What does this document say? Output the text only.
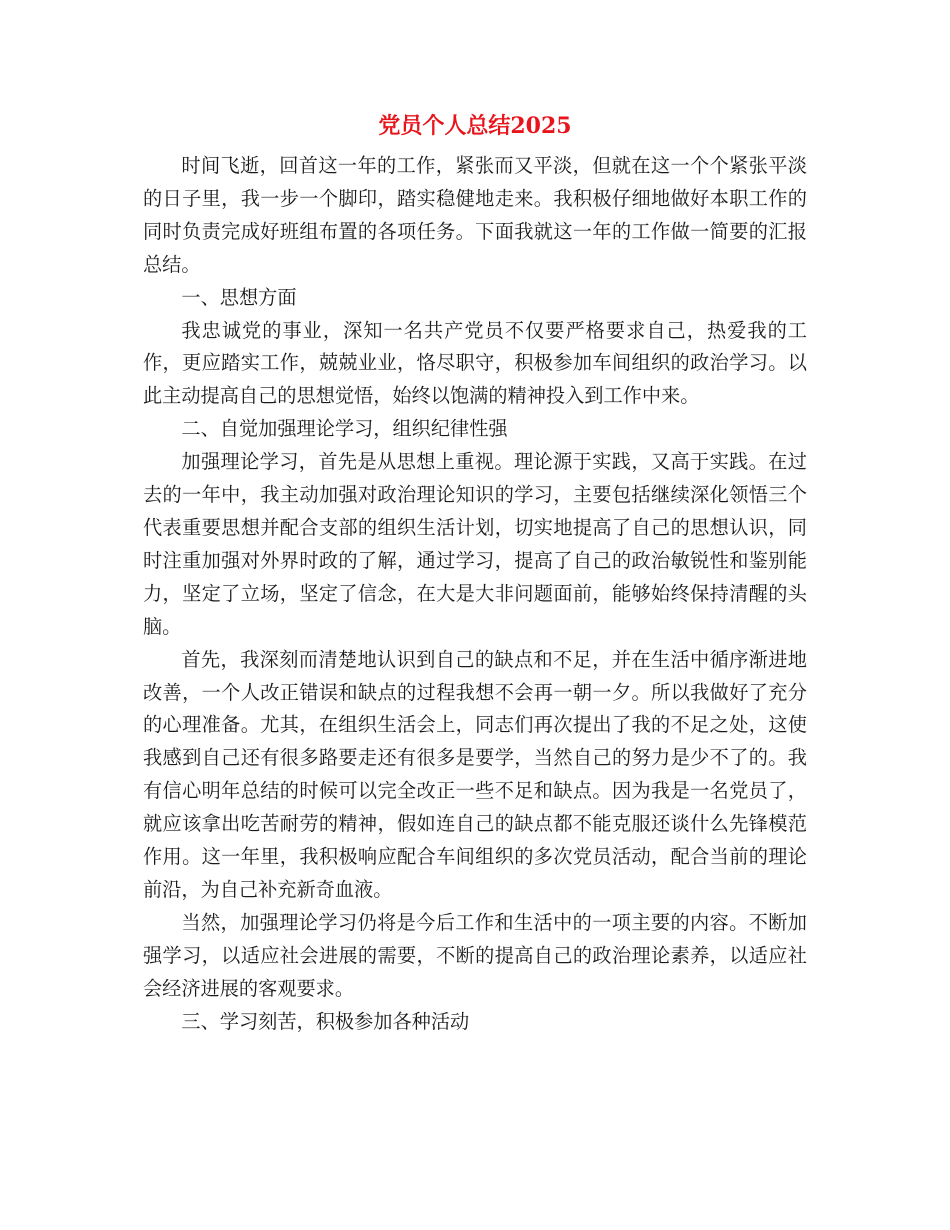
党员个人总结2025

时间飞逝，回首这一年的工作，紧张而又平淡，但就在这一个个紧张平淡的日子里，我一步一个脚印，踏实稳健地走来。我积极仔细地做好本职工作的同时负责完成好班组布置的各项任务。下面我就这一年的工作做一简要的汇报总结。

一、思想方面

我忠诚党的事业，深知一名共产党员不仅要严格要求自己，热爱我的工作，更应踏实工作，兢兢业业，恪尽职守，积极参加车间组织的政治学习。以此主动提高自己的思想觉悟，始终以饱满的精神投入到工作中来。

二、自觉加强理论学习，组织纪律性强

加强理论学习，首先是从思想上重视。理论源于实践，又高于实践。在过去的一年中，我主动加强对政治理论知识的学习，主要包括继续深化领悟三个代表重要思想并配合支部的组织生活计划，切实地提高了自己的思想认识，同时注重加强对外界时政的了解，通过学习，提高了自己的政治敏锐性和鉴别能力，坚定了立场，坚定了信念，在大是大非问题面前，能够始终保持清醒的头脑。

首先，我深刻而清楚地认识到自己的缺点和不足，并在生活中循序渐进地改善，一个人改正错误和缺点的过程我想不会再一朝一夕。所以我做好了充分的心理准备。尤其，在组织生活会上，同志们再次提出了我的不足之处，这使我感到自己还有很多路要走还有很多是要学，当然自己的努力是少不了的。我有信心明年总结的时候可以完全改正一些不足和缺点。因为我是一名党员了，就应该拿出吃苦耐劳的精神，假如连自己的缺点都不能克服还谈什么先锋模范作用。这一年里，我积极响应配合车间组织的多次党员活动，配合当前的理论前沿，为自己补充新奇血液。

当然，加强理论学习仍将是今后工作和生活中的一项主要的内容。不断加强学习，以适应社会进展的需要，不断的提高自己的政治理论素养，以适应社会经济进展的客观要求。

三、学习刻苦，积极参加各种活动
